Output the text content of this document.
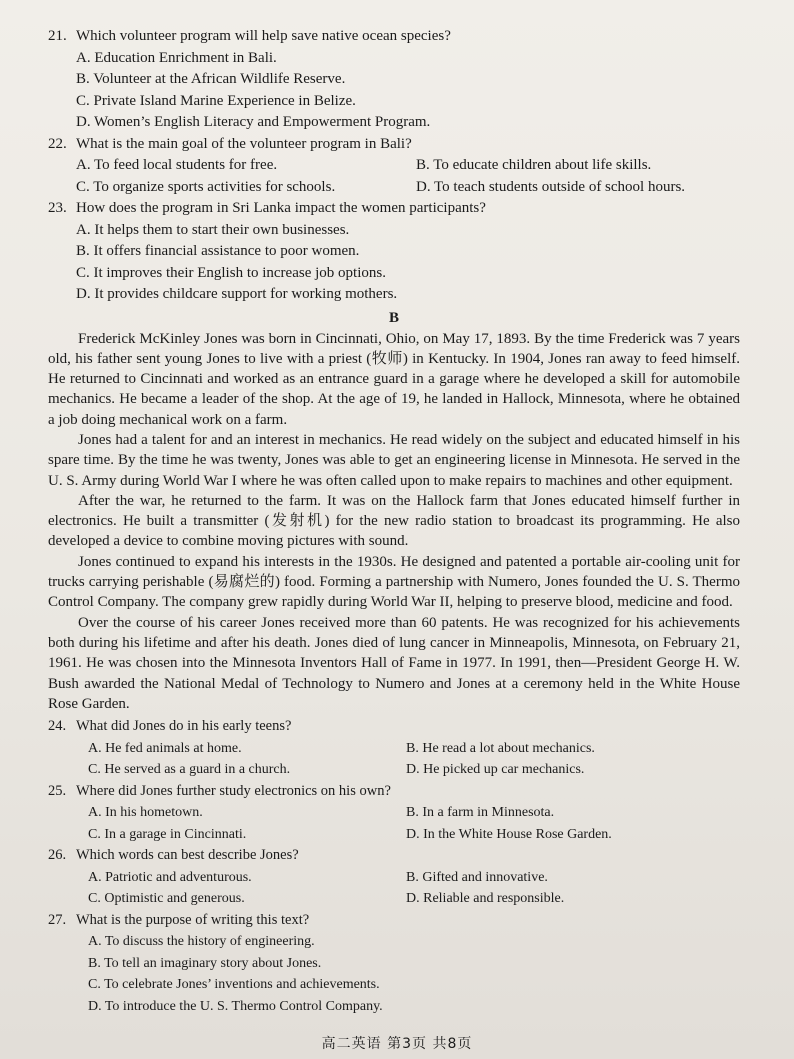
21. Which volunteer program will help save native ocean species?
A. Education Enrichment in Bali.
B. Volunteer at the African Wildlife Reserve.
C. Private Island Marine Experience in Belize.
D. Women’s English Literacy and Empowerment Program.
22. What is the main goal of the volunteer program in Bali?
A. To feed local students for free.	B. To educate children about life skills.
C. To organize sports activities for schools.	D. To teach students outside of school hours.
23. How does the program in Sri Lanka impact the women participants?
A. It helps them to start their own businesses.
B. It offers financial assistance to poor women.
C. It improves their English to increase job options.
D. It provides childcare support for working mothers.
B

Frederick McKinley Jones was born in Cincinnati, Ohio, on May 17, 1893. By the time Frederick was 7 years old, his father sent young Jones to live with a priest (牧师) in Kentucky. In 1904, Jones ran away to feed himself. He returned to Cincinnati and worked as an entrance guard in a garage where he developed a skill for automobile mechanics. He became a leader of the shop. At the age of 19, he landed in Hallock, Minnesota, where he obtained a job doing mechanical work on a farm.

Jones had a talent for and an interest in mechanics. He read widely on the subject and educated himself in his spare time. By the time he was twenty, Jones was able to get an engineering license in Minnesota. He served in the U. S. Army during World War I where he was often called upon to make repairs to machines and other equipment.

After the war, he returned to the farm. It was on the Hallock farm that Jones educated himself further in electronics. He built a transmitter (发射机) for the new radio station to broadcast its programming. He also developed a device to combine moving pictures with sound.

Jones continued to expand his interests in the 1930s. He designed and patented a portable air-cooling unit for trucks carrying perishable (易腐烂的) food. Forming a partnership with Numero, Jones founded the U. S. Thermo Control Company. The company grew rapidly during World War II, helping to preserve blood, medicine and food.

Over the course of his career Jones received more than 60 patents. He was recognized for his achievements both during his lifetime and after his death. Jones died of lung cancer in Minneapolis, Minnesota, on February 21, 1961. He was chosen into the Minnesota Inventors Hall of Fame in 1977. In 1991, then—President George H. W. Bush awarded the National Medal of Technology to Numero and Jones at a ceremony held in the White House Rose Garden.

24. What did Jones do in his early teens?
A. He fed animals at home.	B. He read a lot about mechanics.
C. He served as a guard in a church.	D. He picked up car mechanics.
25. Where did Jones further study electronics on his own?
A. In his hometown.	B. In a farm in Minnesota.
C. In a garage in Cincinnati.	D. In the White House Rose Garden.
26. Which words can best describe Jones?
A. Patriotic and adventurous.	B. Gifted and innovative.
C. Optimistic and generous.	D. Reliable and responsible.
27. What is the purpose of writing this text?
A. To discuss the history of engineering.
B. To tell an imaginary story about Jones.
C. To celebrate Jones’ inventions and achievements.
D. To introduce the U. S. Thermo Control Company.
高二英语 第3页 共8页
